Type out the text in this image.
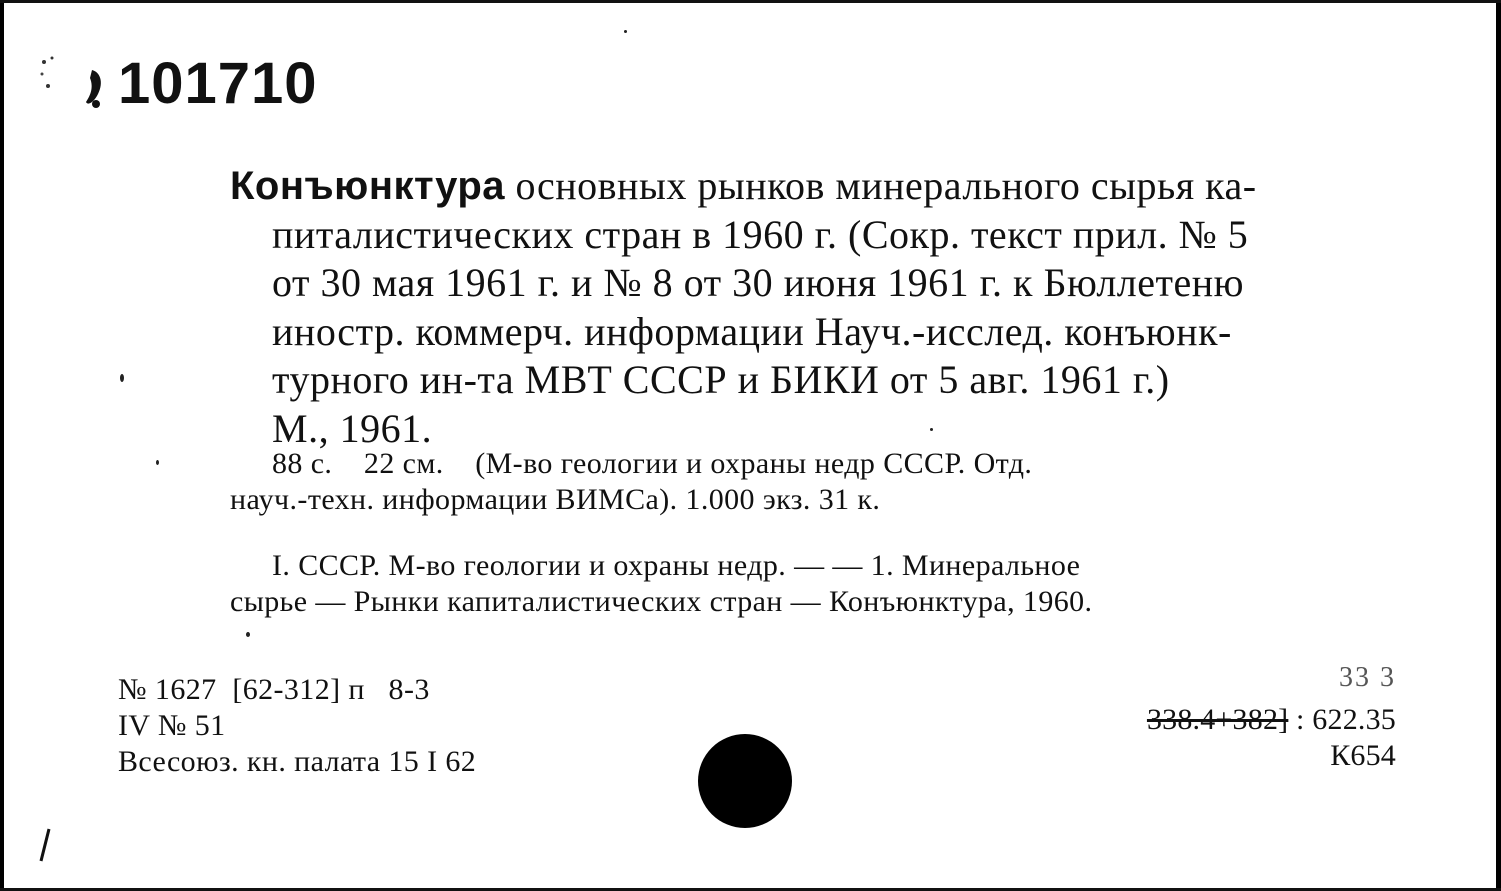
101710
Конъюнктура основных рынков минерального сырья ка-
питалистических стран в 1960 г. (Сокр. текст прил. № 5
от 30 мая 1961 г. и № 8 от 30 июня 1961 г. к Бюллетеню
иностр. коммерч. информации Науч.-исслед. конъюнк-
турного ин-та МВТ СССР и БИКИ от 5 авг. 1961 г.)
М., 1961.
88 с.    22 см.    (М-во геологии и охраны недр СССР. Отд.
науч.-техн. информации ВИМСа). 1.000 экз. 31 к.
I. СССР. М-во геологии и охраны недр. — — 1. Минеральное
сырье — Рынки капиталистических стран — Конъюнктура, 1960.
№ 1627  [62-312] п   8-3
IV № 51
Всесоюз. кн. палата 15 I 62
33 3
338.4+382] : 622.35
К654
